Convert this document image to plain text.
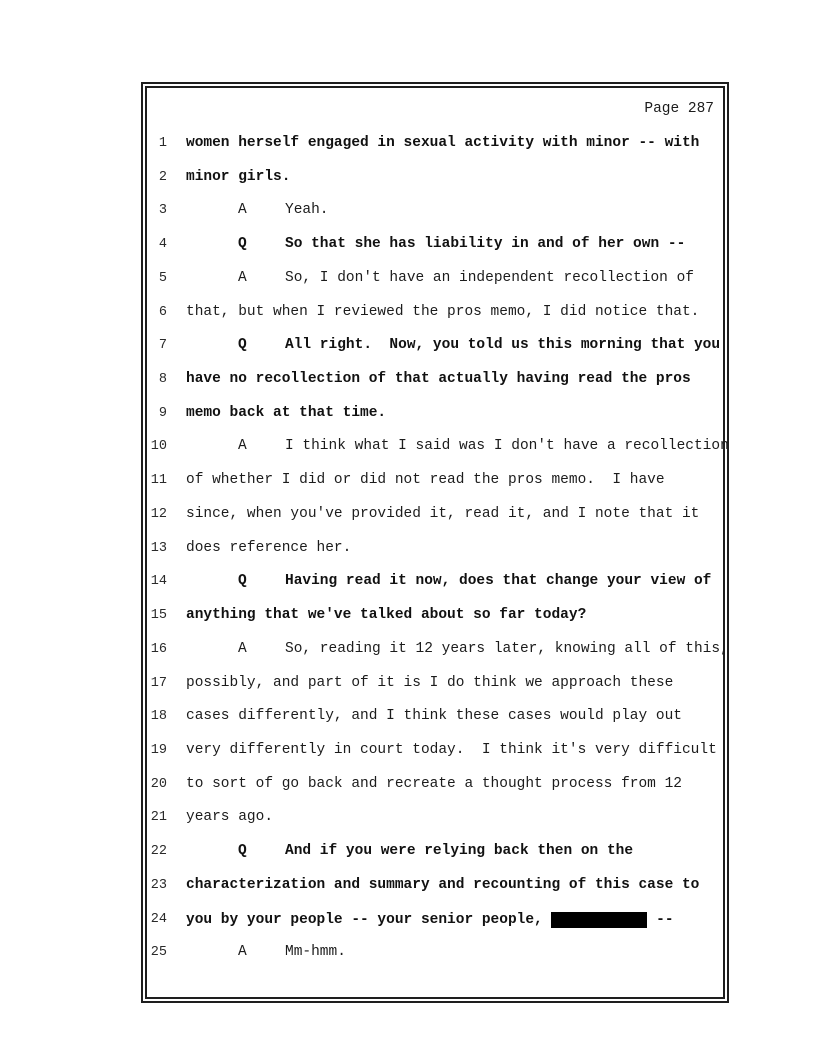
Page 287
1 women herself engaged in sexual activity with minor -- with
2 minor girls.
3	A	Yeah.
4	Q	So that she has liability in and of her own --
5	A	So, I don't have an independent recollection of
6 that, but when I reviewed the pros memo, I did notice that.
7	Q	All right.  Now, you told us this morning that you
8 have no recollection of that actually having read the pros
9 memo back at that time.
10	A	I think what I said was I don't have a recollection
11 of whether I did or did not read the pros memo.  I have
12 since, when you've provided it, read it, and I note that it
13 does reference her.
14	Q	Having read it now, does that change your view of
15 anything that we've talked about so far today?
16	A	So, reading it 12 years later, knowing all of this,
17 possibly, and part of it is I do think we approach these
18 cases differently, and I think these cases would play out
19 very differently in court today.  I think it's very difficult
20 to sort of go back and recreate a thought process from 12
21 years ago.
22	Q	And if you were relying back then on the
23 characterization and summary and recounting of this case to
24 you by your people -- your senior people,	--
25	A	Mm-hmm.
